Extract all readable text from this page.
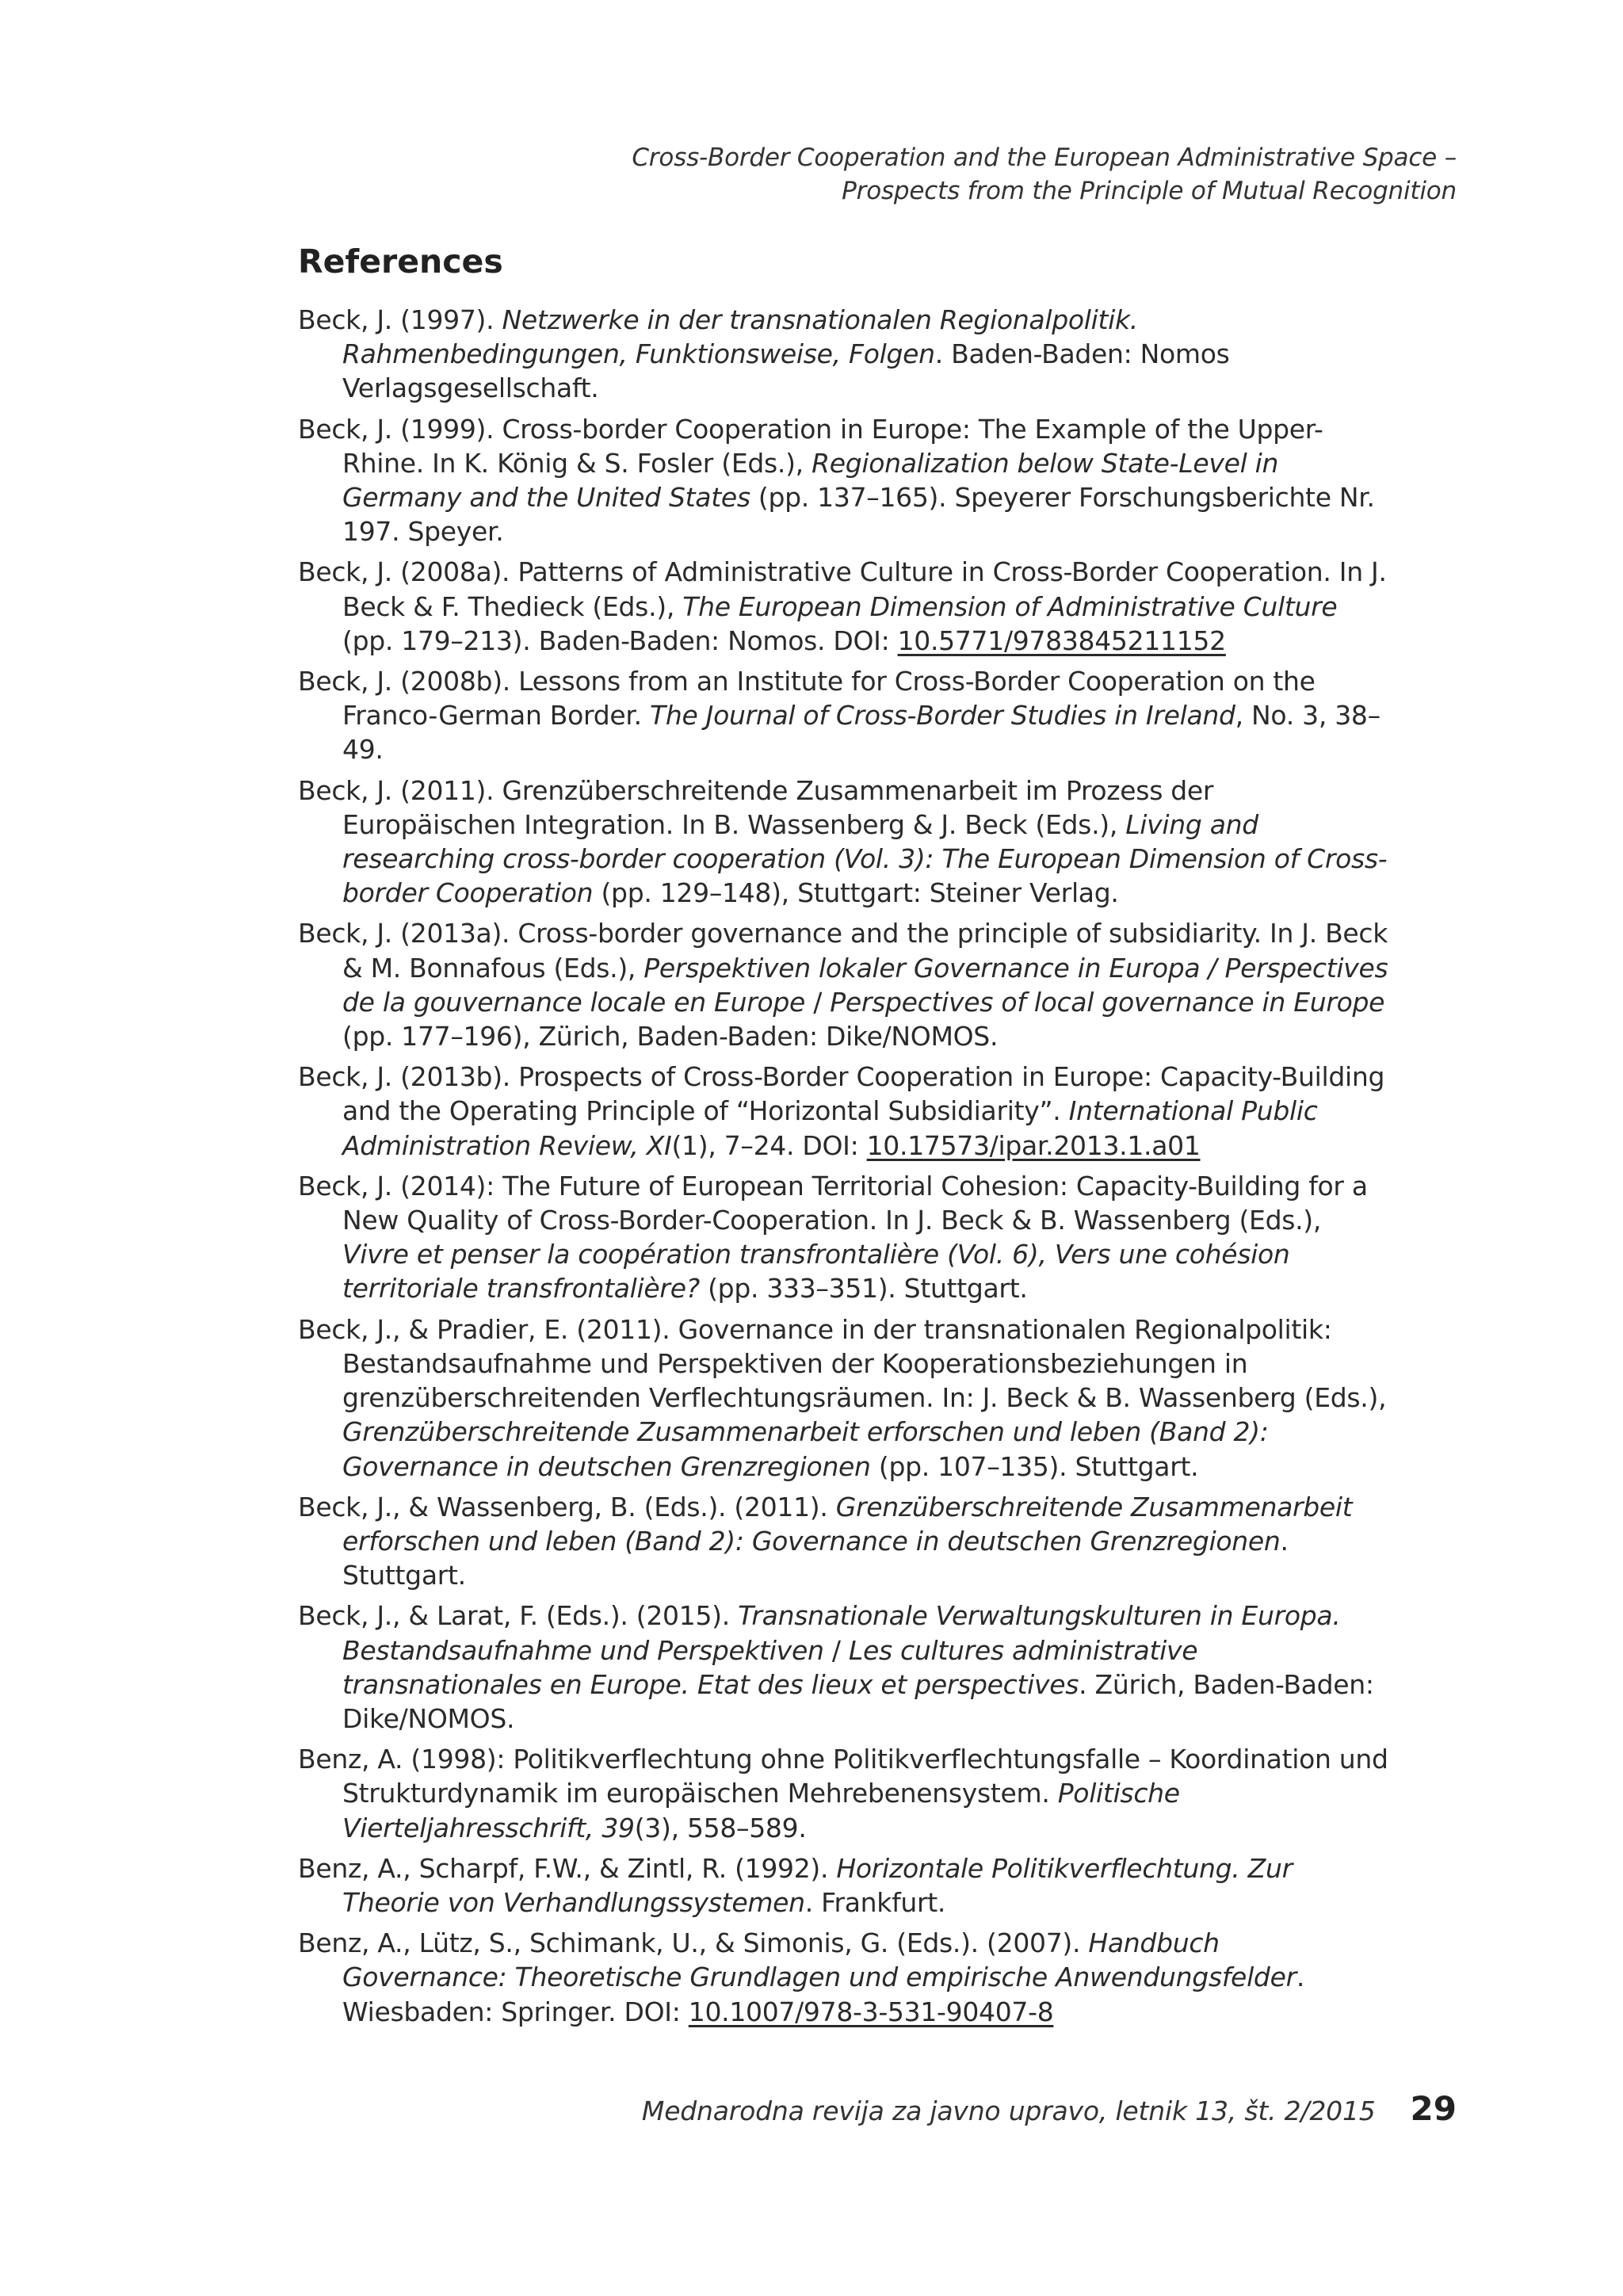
Cross-Border Cooperation and the European Administrative Space –
Prospects from the Principle of Mutual Recognition
References
Beck, J. (1997). Netzwerke in der transnationalen Regionalpolitik. Rahmenbedingungen, Funktionsweise, Folgen. Baden-Baden: Nomos Verlagsgesellschaft.
Beck, J. (1999). Cross-border Cooperation in Europe: The Example of the Upper-Rhine. In K. König & S. Fosler (Eds.), Regionalization below State-Level in Germany and the United States (pp. 137–165). Speyerer Forschungsberichte Nr. 197. Speyer.
Beck, J. (2008a). Patterns of Administrative Culture in Cross-Border Cooperation. In J. Beck & F. Thedieck (Eds.), The European Dimension of Administrative Culture (pp. 179–213). Baden-Baden: Nomos. DOI: 10.5771/9783845211152
Beck, J. (2008b). Lessons from an Institute for Cross-Border Cooperation on the Franco-German Border. The Journal of Cross-Border Studies in Ireland, No. 3, 38–49.
Beck, J. (2011). Grenzüberschreitende Zusammenarbeit im Prozess der Europäischen Integration. In B. Wassenberg & J. Beck (Eds.), Living and researching cross-border cooperation (Vol. 3): The European Dimension of Cross-border Cooperation (pp. 129–148), Stuttgart: Steiner Verlag.
Beck, J. (2013a). Cross-border governance and the principle of subsidiarity. In J. Beck & M. Bonnafous (Eds.), Perspektiven lokaler Governance in Europa / Perspectives de la gouvernance locale en Europe / Perspectives of local governance in Europe (pp. 177–196), Zürich, Baden-Baden: Dike/NOMOS.
Beck, J. (2013b). Prospects of Cross-Border Cooperation in Europe: Capacity-Building and the Operating Principle of “Horizontal Subsidiarity”. International Public Administration Review, XI(1), 7–24. DOI: 10.17573/ipar.2013.1.a01
Beck, J. (2014): The Future of European Territorial Cohesion: Capacity-Building for a New Quality of Cross-Border-Cooperation. In J. Beck & B. Wassenberg (Eds.), Vivre et penser la coopération transfrontalière (Vol. 6), Vers une cohésion territoriale transfrontalière? (pp. 333–351). Stuttgart.
Beck, J., & Pradier, E. (2011). Governance in der transnationalen Regionalpolitik: Bestandsaufnahme und Perspektiven der Kooperationsbeziehungen in grenzüberschreitenden Verflechtungsräumen. In: J. Beck & B. Wassenberg (Eds.), Grenzüberschreitende Zusammenarbeit erforschen und leben (Band 2): Governance in deutschen Grenzregionen (pp. 107–135). Stuttgart.
Beck, J., & Wassenberg, B. (Eds.). (2011). Grenzüberschreitende Zusammenarbeit erforschen und leben (Band 2): Governance in deutschen Grenzregionen. Stuttgart.
Beck, J., & Larat, F. (Eds.). (2015). Transnationale Verwaltungskulturen in Europa. Bestandsaufnahme und Perspektiven / Les cultures administrative transnationales en Europe. Etat des lieux et perspectives. Zürich, Baden-Baden: Dike/NOMOS.
Benz, A. (1998): Politikverflechtung ohne Politikverflechtungsfalle – Koordination und Strukturdynamik im europäischen Mehrebenensystem. Politische Vierteljahresschrift, 39(3), 558–589.
Benz, A., Scharpf, F.W., & Zintl, R. (1992). Horizontale Politikverflechtung. Zur Theorie von Verhandlungssystemen. Frankfurt.
Benz, A., Lütz, S., Schimank, U., & Simonis, G. (Eds.). (2007). Handbuch Governance: Theoretische Grundlagen und empirische Anwendungsfelder. Wiesbaden: Springer. DOI: 10.1007/978-3-531-90407-8
Mednarodna revija za javno upravo, letnik 13, št. 2/2015 29
